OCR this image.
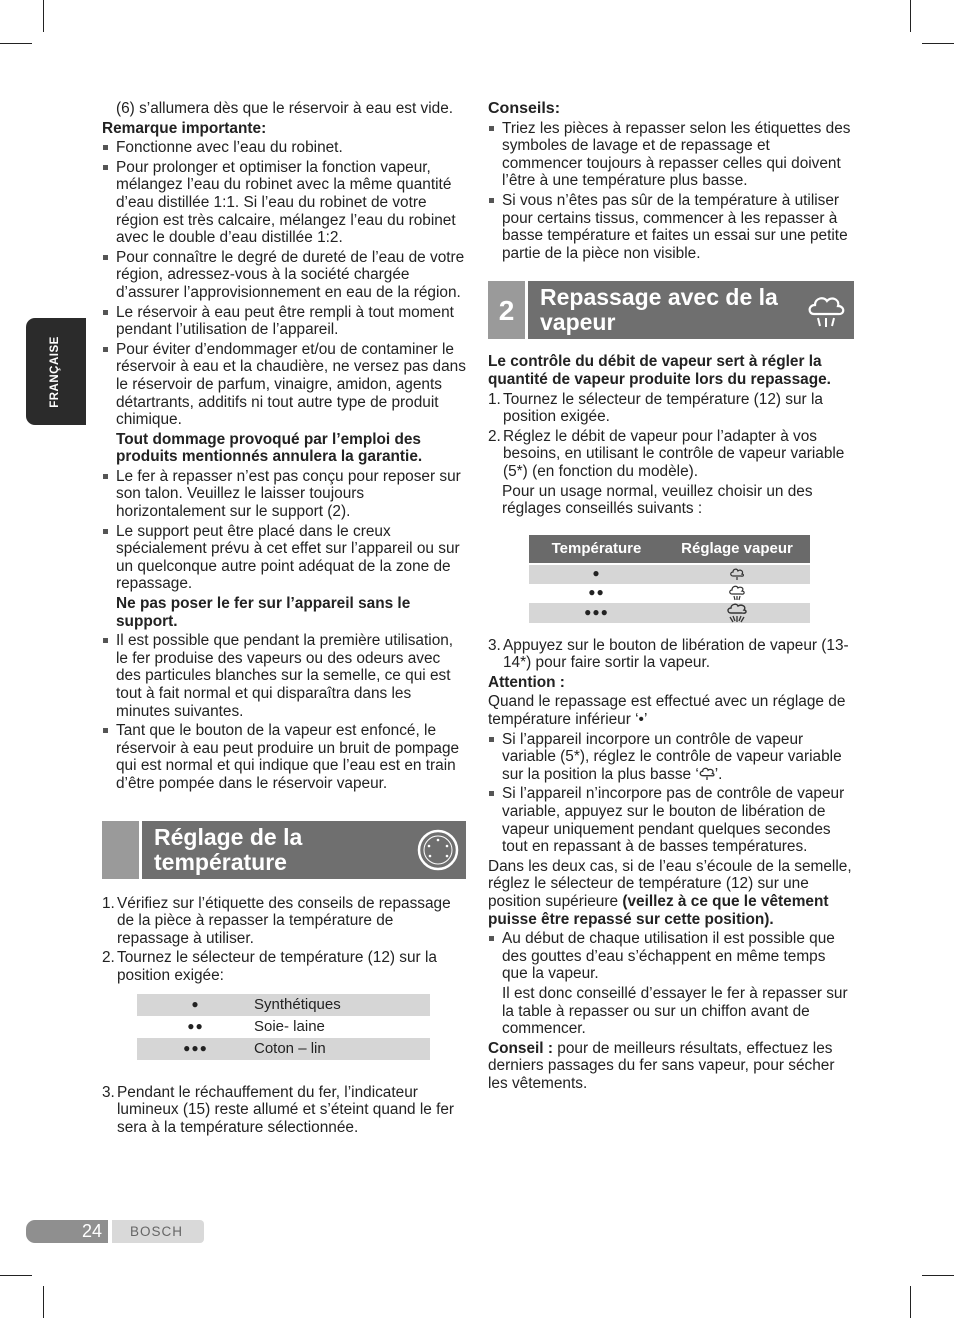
FRANÇAISE

(6) s’allumera dès que le réservoir à eau est vide.

Remarque importante:

Fonctionne avec l’eau du robinet.
Pour prolonger et optimiser la fonction vapeur, mélangez l’eau du robinet avec la même quantité d’eau distillée 1:1. Si l’eau du robinet de votre région est très calcaire, mélangez l’eau du robinet avec le double d’eau distillée 1:2.
Pour connaître le degré de dureté de l’eau de votre région, adressez-vous à la société chargée d’assurer l’approvisionnement en eau de la région.
Le réservoir à eau peut être rempli à tout moment pendant l’utilisation de l’appareil.
Pour éviter d’endommager et/ou de contaminer le réservoir à eau et la chaudière, ne versez pas dans le réservoir de parfum, vinaigre, amidon, agents détartrants, additifs ni tout autre type de produit chimique.

Tout dommage provoqué par l’emploi des produits mentionnés annulera la garantie.

Le fer à repasser n’est pas conçu pour reposer sur son talon. Veuillez le laisser toujours horizontalement sur le support (2).
Le support peut être placé dans le creux spécialement prévu à cet effet sur l’appareil ou sur un quelconque autre point adéquat de la zone de repassage.

Ne pas poser le fer sur l’appareil sans le support.

Il est possible que pendant la première utilisation, le fer produise des vapeurs ou des odeurs avec des particules blanches sur la semelle, ce qui est tout à fait normal et qui disparaîtra dans les minutes suivantes.
Tant que le bouton de la vapeur est enfoncé, le réservoir à eau peut produire un bruit de pompage qui est normal et qui indique que l’eau est en train d’être pompée dans le réservoir vapeur.
Réglage de la
température
1. Vérifiez sur l’étiquette des conseils de repassage de la pièce à repasser la température de repassage à utiliser.
2. Tournez le sélecteur de température (12) sur la position exigée:
●	Synthétiques
●●	Soie- laine
●●●	Coton – lin
3. Pendant le réchauffement du fer, l’indicateur lumineux (15) reste allumé et s’éteint quand le fer sera à la température sélectionnée.

Conseils:

Triez les pièces à repasser selon les étiquettes des symboles de lavage et de repassage et commencer toujours à repasser celles qui doivent l’être à une température plus basse.
Si vous n’êtes pas sûr de la température à utiliser pour certains tissus, commencer à les repasser à basse température et faites un essai sur une petite partie de la pièce non visible.
2	Repassage avec de la
vapeur

Le contrôle du débit de vapeur sert à régler la quantité de vapeur produite lors du repassage.

1. Tournez le sélecteur de température (12) sur la position exigée.
2. Réglez le débit de vapeur pour l’adapter à vos besoins, en utilisant le contrôle de vapeur variable (5*) (en fonction du modèle).

Pour un usage normal, veuillez choisir un des réglages conseillés suivants :

Température	Réglage vapeur

●	
●●	
●●●	
3. Appuyez sur le bouton de libération de vapeur (13-14*) pour faire sortir la vapeur.

Attention :

Quand le repassage est effectué avec un réglage de température inférieur ‘•’

Si l’appareil incorpore un contrôle de vapeur variable (5*), réglez le contrôle de vapeur variable sur la position la plus basse ‘ ’.
Si l’appareil n’incorpore pas de contrôle de vapeur variable, appuyez sur le bouton de libération de vapeur uniquement pendant quelques secondes tout en repassant à de basses températures.

Dans les deux cas, si de l’eau s’écoule de la semelle, réglez le sélecteur de température (12) sur une position supérieure (veillez à ce que le vêtement puisse être repassé sur cette position).

Au début de chaque utilisation il est possible que des gouttes d’eau s’échappent en même temps que la vapeur.

Il est donc conseillé d’essayer le fer à repasser sur la table à repasser ou sur un chiffon avant de commencer.

Conseil : pour de meilleurs résultats, effectuez les derniers passages du fer sans vapeur, pour sécher les vêtements.

24	BOSCH
